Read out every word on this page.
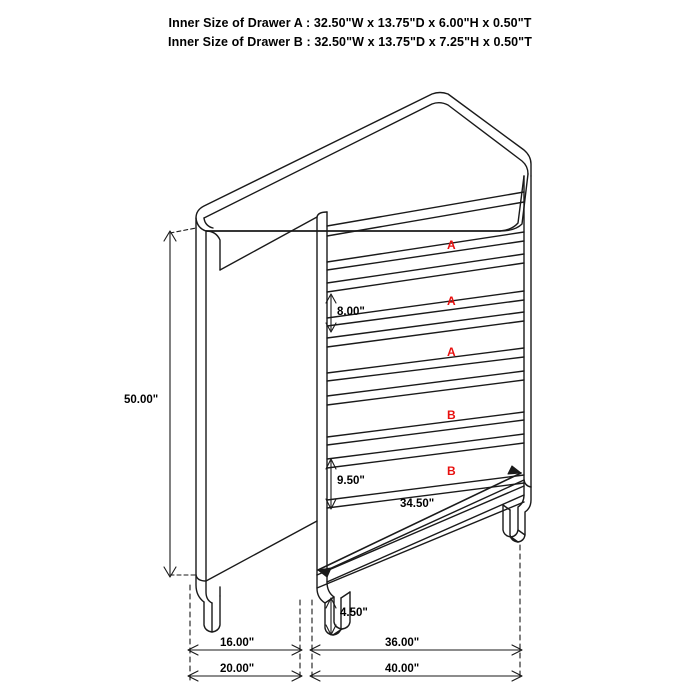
Inner Size of Drawer A : 32.50"W x 13.75"D x 6.00"H x 0.50"T
Inner Size of Drawer B : 32.50"W x 13.75"D x 7.25"H x 0.50"T
A
A
A
B
B
50.00"
8.00"
9.50"
34.50"
4.50"
16.00"	36.00"
20.00"	40.00"
